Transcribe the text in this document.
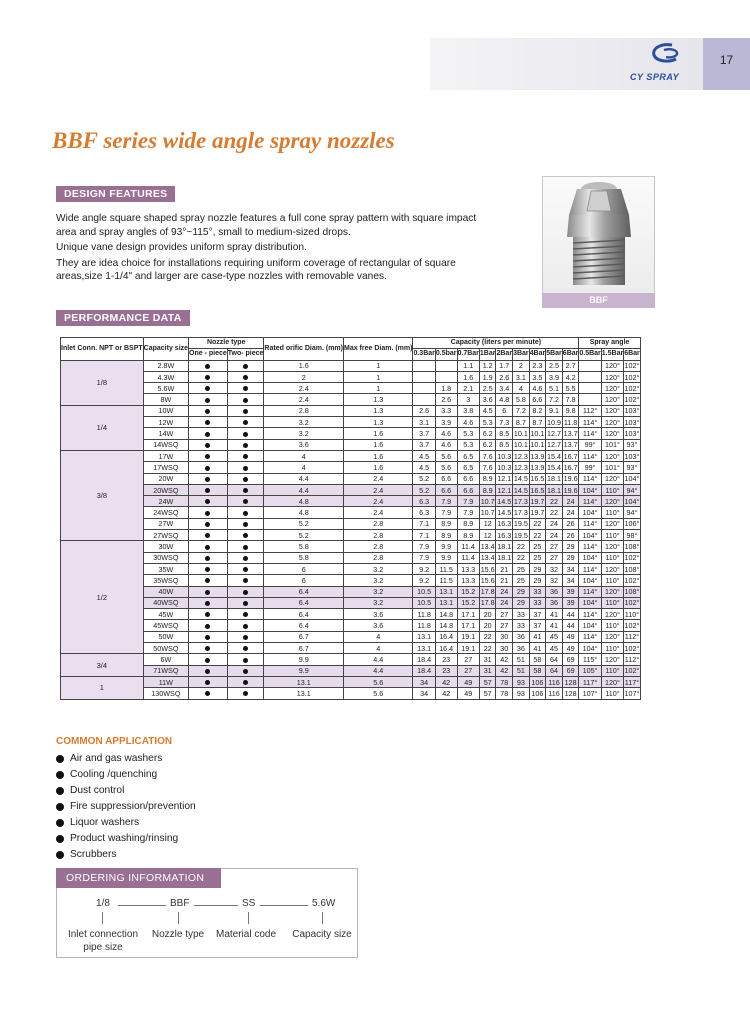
CY SPRAY
17
BBF series wide angle spray nozzles
DESIGN FEATURES

Wide angle square shaped spray nozzle features a full cone spray pattern with square impact area and spray angles of 93°~115°, small to medium-sized drops.

Unique vane design provides uniform spray distribution.

They are idea choice for installations requiring uniform coverage of rectangular of square areas,size 1-1/4" and larger are case-type nozzles with removable vanes.

BBF
PERFORMANCE DATA
Inlet Conn. NPT or BSPT	Capacity size	Nozzle type		Rated orific Diam. (mm)	Max free Diam. (mm)	Capacity (liters per minute)									Spray angle		
		One - piece	Two- piece			0.3Bar	0.5bar	0.7Bar	1Bar	2Bar	3Bar	4Bar	5Bar	6Bar	0.5Bar	1.5Bar	6Bar
1/8	2.8W			1.6	1			1.1	1.2	1.7	2	2.3	2.5	2.7		120°	102°
	4.3W			2	1			1.6	1.9	2.6	3.1	3.5	3.9	4.2		120°	102°
	5.6W			2.4	1		1.8	2.1	2.5	3.4	4	4.6	5.1	5.5		120°	102°
	8W			2.4	1.3		2.6	3	3.6	4.8	5.8	6.6	7.2	7.8		120°	102°
1/4	10W			2.8	1.3	2.6	3.3	3.8	4.5	6	7.2	8.2	9.1	9.8	112°	120°	103°
	12W			3.2	1.3	3.1	3.9	4.6	5.3	7.3	8.7	8.7	10.9	11.8	114°	120°	103°
	14W			3.2	1.6	3.7	4.6	5.3	6.2	8.5	10.1	10.1	12.7	13.7	114°	120°	103°
	14WSQ			3.6	1.6	3.7	4.6	5.3	6.2	8.5	10.1	10.1	12.7	13.7	99°	101°	93°
3/8	17W			4	1.6	4.5	5.6	6.5	7.6	10.3	12.3	13.9	15.4	16.7	114°	120°	103°
	17WSQ			4	1.6	4.5	5.6	6.5	7.6	10.3	12.3	13.9	15.4	16.7	99°	101°	93°
	20W			4.4	2.4	5.2	6.6	6.6	8.9	12.1	14.5	16.5	18.1	19.6	114°	120°	104°
	20WSQ			4.4	2.4	5.2	6.6	6.6	8.9	12.1	14.5	16.5	18.1	19.6	104°	110°	94°
	24W			4.8	2.4	6.3	7.9	7.9	10.7	14.5	17.3	19.7	22	24	114°	120°	104°
	24WSQ			4.8	2.4	6.3	7.9	7.9	10.7	14.5	17.3	19.7	22	24	104°	110°	94°
	27W			5.2	2.8	7.1	8.9	8.9	12	16.3	19.5	22	24	26	114°	120°	106°
	27WSQ			5.2	2.8	7.1	8.9	8.9	12	16.3	19.5	22	24	26	104°	110°	98°
1/2	30W			5.8	2.8	7.9	9.9	11.4	13.4	18.1	22	25	27	29	114°	120°	108°
	30WSQ			5.8	2.8	7.9	9.9	11.4	13.4	18.1	22	25	27	29	104°	110°	102°
	35W			6	3.2	9.2	11.5	13.3	15.6	21	25	29	32	34	114°	120°	108°
	35WSQ			6	3.2	9.2	11.5	13.3	15.6	21	25	29	32	34	104°	110°	102°
	40W			6.4	3.2	10.5	13.1	15.2	17.8	24	29	33	36	39	114°	120°	108°
	40WSQ			6.4	3.2	10.5	13.1	15.2	17.8	24	29	33	36	39	104°	110°	102°
	45W			6.4	3.6	11.8	14.8	17.1	20	27	33	37	41	44	114°	120°	110°
	45WSQ			6.4	3.6	11.8	14.8	17.1	20	27	33	37	41	44	104°	110°	102°
	50W			6.7	4	13.1	16.4	19.1	22	30	36	41	45	49	114°	120°	112°
	50WSQ			6.7	4	13.1	16.4	19.1	22	30	36	41	45	49	104°	110°	102°
3/4	6W			9.9	4.4	18.4	23	27	31	42	51	58	64	69	115°	120°	112°
	71WSQ			9.9	4.4	18.4	23	27	31	42	51	58	64	69	105°	110°	102°
1	11W			13.1	5.6	34	42	49	57	78	93	106	116	128	117°	120°	117°
	130WSQ			13.1	5.6	34	42	49	57	78	93	106	116	128	107°	110°	107°
COMMON APPLICATION
Air and gas washers
Cooling /quenching
Dust control
Fire suppression/prevention
Liquor washers
Product washing/rinsing
Scrubbers
ORDERING INFORMATION
1/8	BBF	SS	5.6W
Inlet connection pipe size
Nozzle type	Material code	Capacity size
